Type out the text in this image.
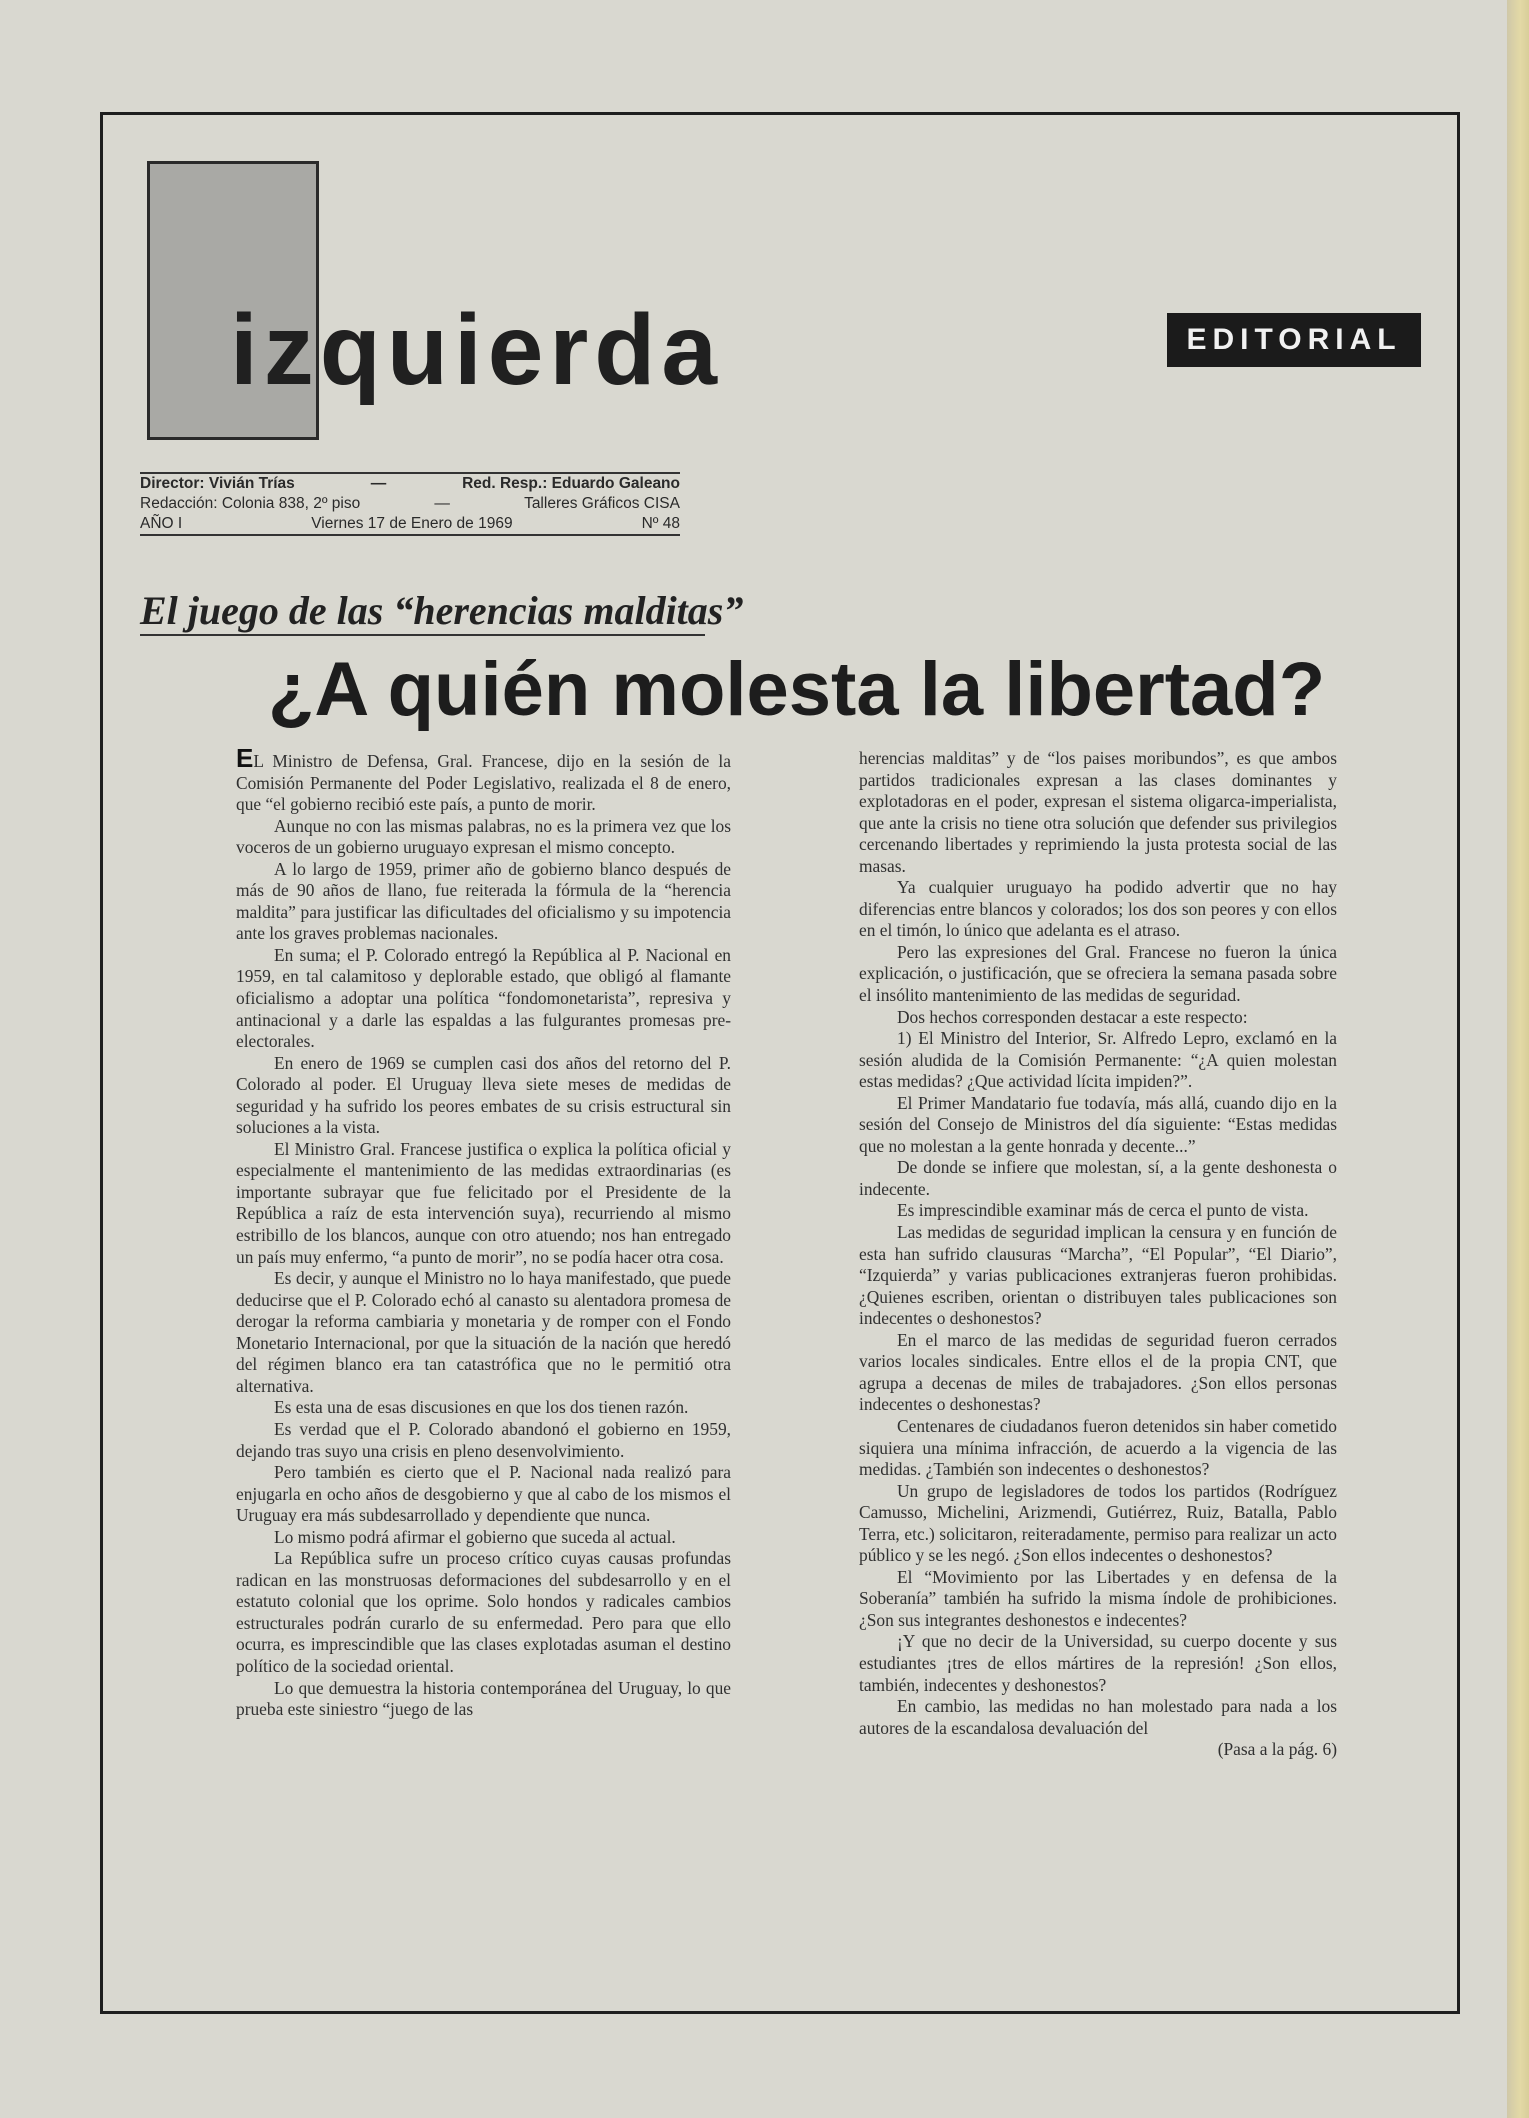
izquierda	EDITORIAL
Director: Vivián Trías	—	Red. Resp.: Eduardo Galeano
Redacción: Colonia 838, 2º piso	—	Talleres Gráficos CISA
AÑO I	Viernes 17 de Enero de 1969	Nº 48
El juego de las “herencias malditas”
¿A quién molesta la libertad?

EL Ministro de Defensa, Gral. Francese, dijo en la sesión de la Comisión Permanente del Poder Legislativo, realizada el 8 de enero, que “el gobierno recibió este país, a punto de morir.

Aunque no con las mismas palabras, no es la primera vez que los voceros de un gobierno uruguayo expresan el mismo concepto.

A lo largo de 1959, primer año de gobierno blanco después de más de 90 años de llano, fue reiterada la fórmula de la “herencia maldita” para justificar las dificultades del oficialismo y su impotencia ante los graves problemas nacionales.

En suma; el P. Colorado entregó la República al P. Nacional en 1959, en tal calamitoso y deplorable estado, que obligó al flamante oficialismo a adoptar una política “fondomonetarista”, represiva y antinacional y a darle las espaldas a las fulgurantes promesas pre-electorales.

En enero de 1969 se cumplen casi dos años del retorno del P. Colorado al poder. El Uruguay lleva siete meses de medidas de seguridad y ha sufrido los peores embates de su crisis estructural sin soluciones a la vista.

El Ministro Gral. Francese justifica o explica la política oficial y especialmente el mantenimiento de las medidas extraordinarias (es importante subrayar que fue felicitado por el Presidente de la República a raíz de esta intervención suya), recurriendo al mismo estribillo de los blancos, aunque con otro atuendo; nos han entregado un país muy enfermo, “a punto de morir”, no se podía hacer otra cosa.

Es decir, y aunque el Ministro no lo haya manifestado, que puede deducirse que el P. Colorado echó al canasto su alentadora promesa de derogar la reforma cambiaria y monetaria y de romper con el Fondo Monetario Internacional, por que la situación de la nación que heredó del régimen blanco era tan catastrófica que no le permitió otra alternativa.

Es esta una de esas discusiones en que los dos tienen razón.

Es verdad que el P. Colorado abandonó el gobierno en 1959, dejando tras suyo una crisis en pleno desenvolvimiento.

Pero también es cierto que el P. Nacional nada realizó para enjugarla en ocho años de desgobierno y que al cabo de los mismos el Uruguay era más subdesarrollado y dependiente que nunca.

Lo mismo podrá afirmar el gobierno que suceda al actual.

La República sufre un proceso crítico cuyas causas profundas radican en las monstruosas deformaciones del subdesarrollo y en el estatuto colonial que los oprime. Solo hondos y radicales cambios estructurales podrán curarlo de su enfermedad. Pero para que ello ocurra, es imprescindible que las clases explotadas asuman el destino político de la sociedad oriental.

Lo que demuestra la historia contemporánea del Uruguay, lo que prueba este siniestro “juego de las

herencias malditas” y de “los paises moribundos”, es que ambos partidos tradicionales expresan a las clases dominantes y explotadoras en el poder, expresan el sistema oligarca-imperialista, que ante la crisis no tiene otra solución que defender sus privilegios cercenando libertades y reprimiendo la justa protesta social de las masas.

Ya cualquier uruguayo ha podido advertir que no hay diferencias entre blancos y colorados; los dos son peores y con ellos en el timón, lo único que adelanta es el atraso.

Pero las expresiones del Gral. Francese no fueron la única explicación, o justificación, que se ofreciera la semana pasada sobre el insólito mantenimiento de las medidas de seguridad.

Dos hechos corresponden destacar a este respecto:

1) El Ministro del Interior, Sr. Alfredo Lepro, exclamó en la sesión aludida de la Comisión Permanente: “¿A quien molestan estas medidas? ¿Que actividad lícita impiden?”.

El Primer Mandatario fue todavía, más allá, cuando dijo en la sesión del Consejo de Ministros del día siguiente: “Estas medidas que no molestan a la gente honrada y decente...”

De donde se infiere que molestan, sí, a la gente deshonesta o indecente.

Es imprescindible examinar más de cerca el punto de vista.

Las medidas de seguridad implican la censura y en función de esta han sufrido clausuras “Marcha”, “El Popular”, “El Diario”, “Izquierda” y varias publicaciones extranjeras fueron prohibidas. ¿Quienes escriben, orientan o distribuyen tales publicaciones son indecentes o deshonestos?

En el marco de las medidas de seguridad fueron cerrados varios locales sindicales. Entre ellos el de la propia CNT, que agrupa a decenas de miles de trabajadores. ¿Son ellos personas indecentes o deshonestas?

Centenares de ciudadanos fueron detenidos sin haber cometido siquiera una mínima infracción, de acuerdo a la vigencia de las medidas. ¿También son indecentes o deshonestos?

Un grupo de legisladores de todos los partidos (Rodríguez Camusso, Michelini, Arizmendi, Gutiérrez, Ruiz, Batalla, Pablo Terra, etc.) solicitaron, reiteradamente, permiso para realizar un acto público y se les negó. ¿Son ellos indecentes o deshonestos?

El “Movimiento por las Libertades y en defensa de la Soberanía” también ha sufrido la misma índole de prohibiciones. ¿Son sus integrantes deshonestos e indecentes?

¡Y que no decir de la Universidad, su cuerpo docente y sus estudiantes ¡tres de ellos mártires de la represión! ¿Son ellos, también, indecentes y deshonestos?

En cambio, las medidas no han molestado para nada a los autores de la escandalosa devaluación del

(Pasa a la pág. 6)
